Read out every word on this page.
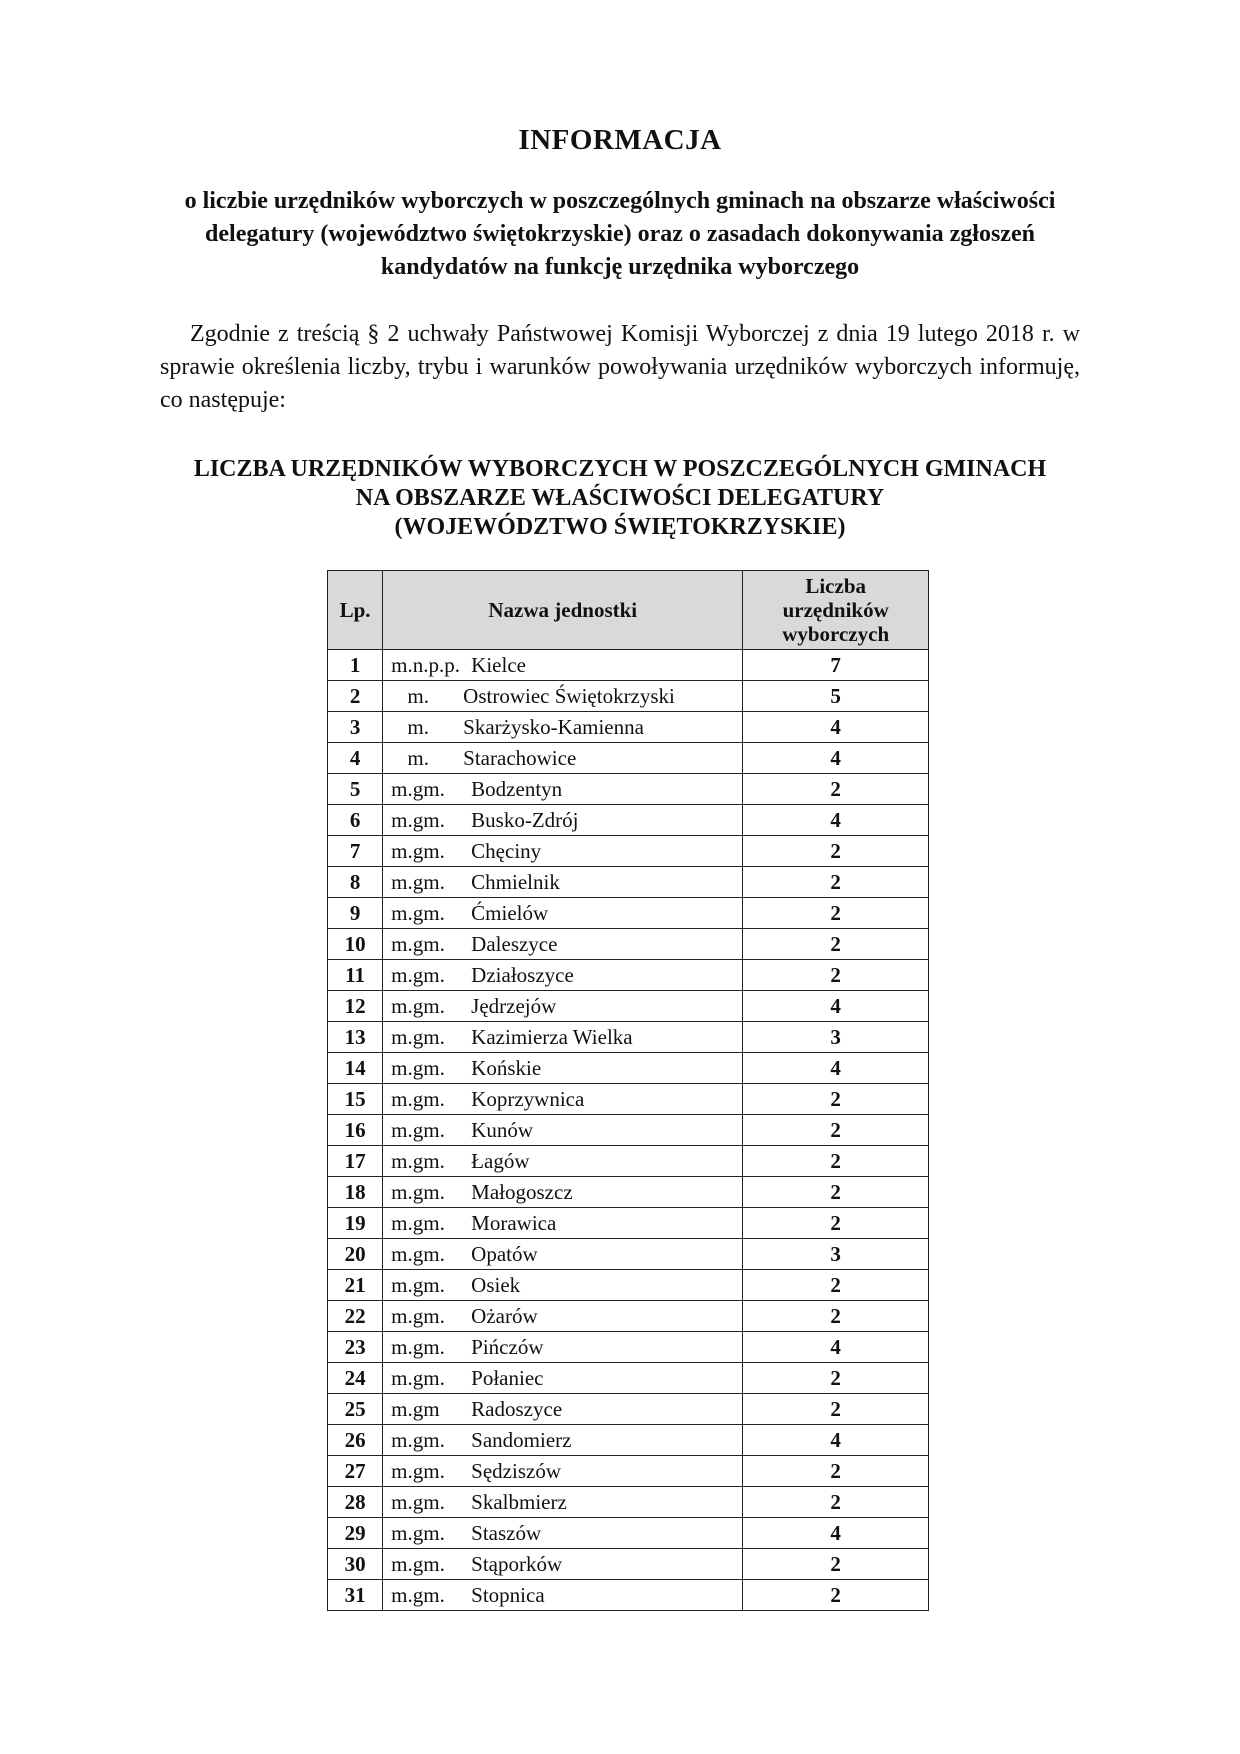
INFORMACJA
o liczbie urzędników wyborczych w poszczególnych gminach na obszarze właściwości
delegatury (województwo świętokrzyskie) oraz o zasadach dokonywania zgłoszeń
kandydatów na funkcję urzędnika wyborczego
Zgodnie z treścią § 2 uchwały Państwowej Komisji Wyborczej z dnia 19 lutego 2018 r. w sprawie określenia liczby, trybu i warunków powoływania urzędników wyborczych informuję, co następuje:
LICZBA URZĘDNIKÓW WYBORCZYCH W POSZCZEGÓLNYCH GMINACH
NA OBSZARZE WŁAŚCIWOŚCI DELEGATURY
(WOJEWÓDZTWO ŚWIĘTOKRZYSKIE)
Lp.	Nazwa jednostki	Liczba
urzędników
wyborczych

1	m.n.p.p. Kielce	7
2	m. Ostrowiec Świętokrzyski	5
3	m. Skarżysko-Kamienna	4
4	m. Starachowice	4
5	m.gm. Bodzentyn	2
6	m.gm. Busko-Zdrój	4
7	m.gm. Chęciny	2
8	m.gm. Chmielnik	2
9	m.gm. Ćmielów	2
10	m.gm. Daleszyce	2
11	m.gm. Działoszyce	2
12	m.gm. Jędrzejów	4
13	m.gm. Kazimierza Wielka	3
14	m.gm. Końskie	4
15	m.gm. Koprzywnica	2
16	m.gm. Kunów	2
17	m.gm. Łagów	2
18	m.gm. Małogoszcz	2
19	m.gm. Morawica	2
20	m.gm. Opatów	3
21	m.gm. Osiek	2
22	m.gm. Ożarów	2
23	m.gm. Pińczów	4
24	m.gm. Połaniec	2
25	m.gm Radoszyce	2
26	m.gm. Sandomierz	4
27	m.gm. Sędziszów	2
28	m.gm. Skalbmierz	2
29	m.gm. Staszów	4
30	m.gm. Stąporków	2
31	m.gm. Stopnica	2
